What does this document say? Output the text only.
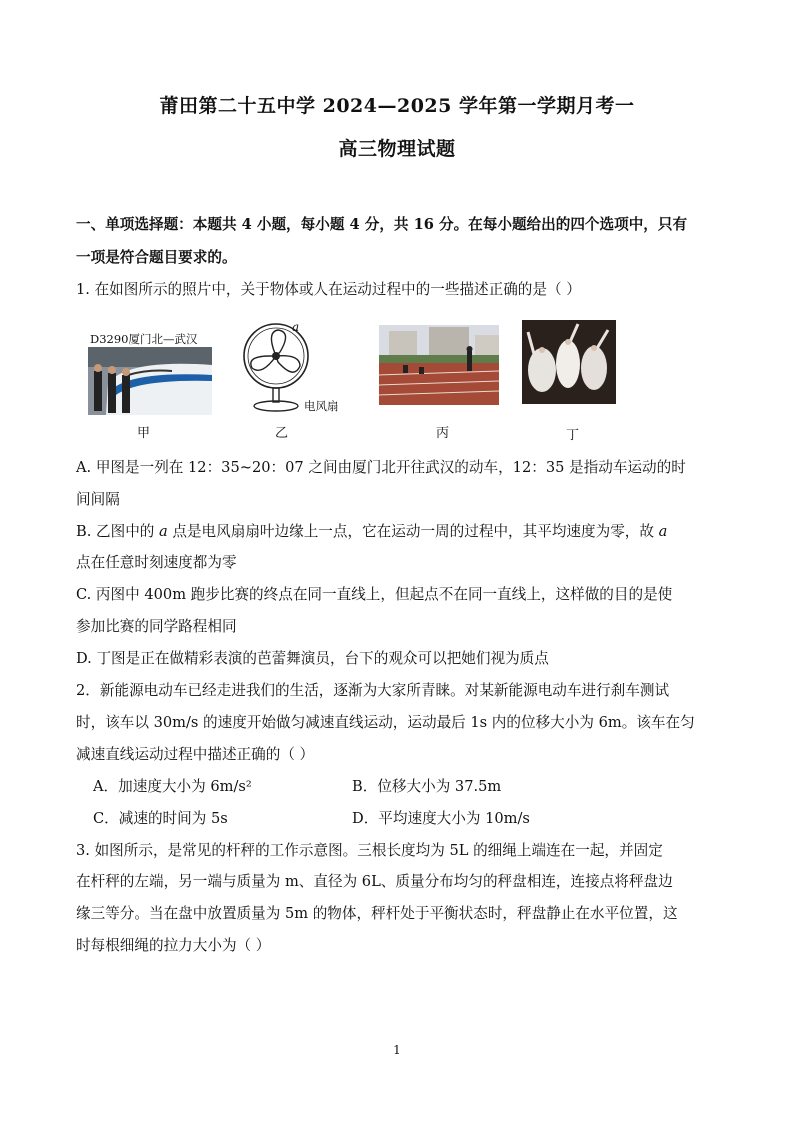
莆田第二十五中学 2024—2025 学年第一学期月考一
高三物理试题
一、单项选择题：本题共 4 小题，每小题 4 分，共 16 分。在每小题给出的四个选项中，只有
一项是符合题目要求的。
1. 在如图所示的照片中，关于物体或人在运动过程中的一些描述正确的是（ ）
D3290厦门北—武汉
a
电风扇
甲	乙	丙	丁
A. 甲图是一列在 12：35~20：07 之间由厦门北开往武汉的动车，12：35 是指动车运动的时
间间隔
B. 乙图中的 a 点是电风扇扇叶边缘上一点，它在运动一周的过程中，其平均速度为零，故 a
点在任意时刻速度都为零
C. 丙图中 400m 跑步比赛的终点在同一直线上，但起点不在同一直线上，这样做的目的是使
参加比赛的同学路程相同
D. 丁图是正在做精彩表演的芭蕾舞演员，台下的观众可以把她们视为质点
2．新能源电动车已经走进我们的生活，逐渐为大家所青睐。对某新能源电动车进行刹车测试
时，该车以 30m/s 的速度开始做匀减速直线运动，运动最后 1s 内的位移大小为 6m。该车在匀
减速直线运动过程中描述正确的（ ）
A．加速度大小为 6m/s²	B．位移大小为 37.5m
C．减速的时间为 5s	D．平均速度大小为 10m/s
3. 如图所示，是常见的杆秤的工作示意图。三根长度均为 5L 的细绳上端连在一起，并固定
在杆秤的左端，另一端与质量为 m、直径为 6L、质量分布均匀的秤盘相连，连接点将秤盘边
缘三等分。当在盘中放置质量为 5m 的物体，秤杆处于平衡状态时，秤盘静止在水平位置，这
时每根细绳的拉力大小为（ ）
1
